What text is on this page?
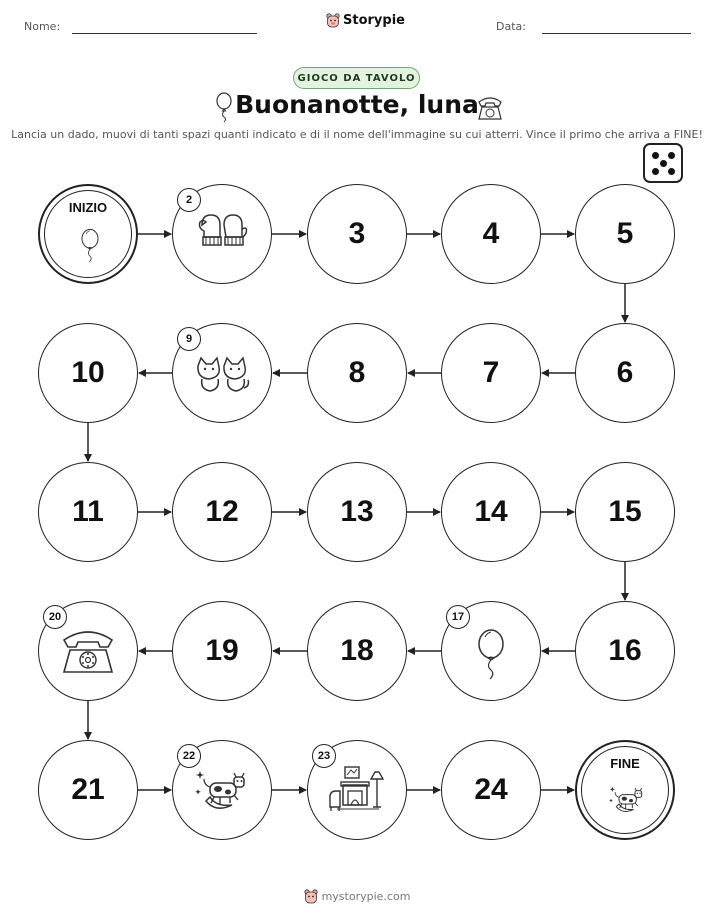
Nome:	Storypie	Data:
GIOCO DA TAVOLO
Buonanotte, luna
Lancia un dado, muovi di tanti spazi quanti indicato e di il nome dell'immagine su cui atterri. Vince il primo che arriva a FINE!
INIZIO	2
3	4	5
6
7
8
9
10
11	12	13	14	15
16
17
18
19
20
21
22	23
24
FINE
mystorypie.com
